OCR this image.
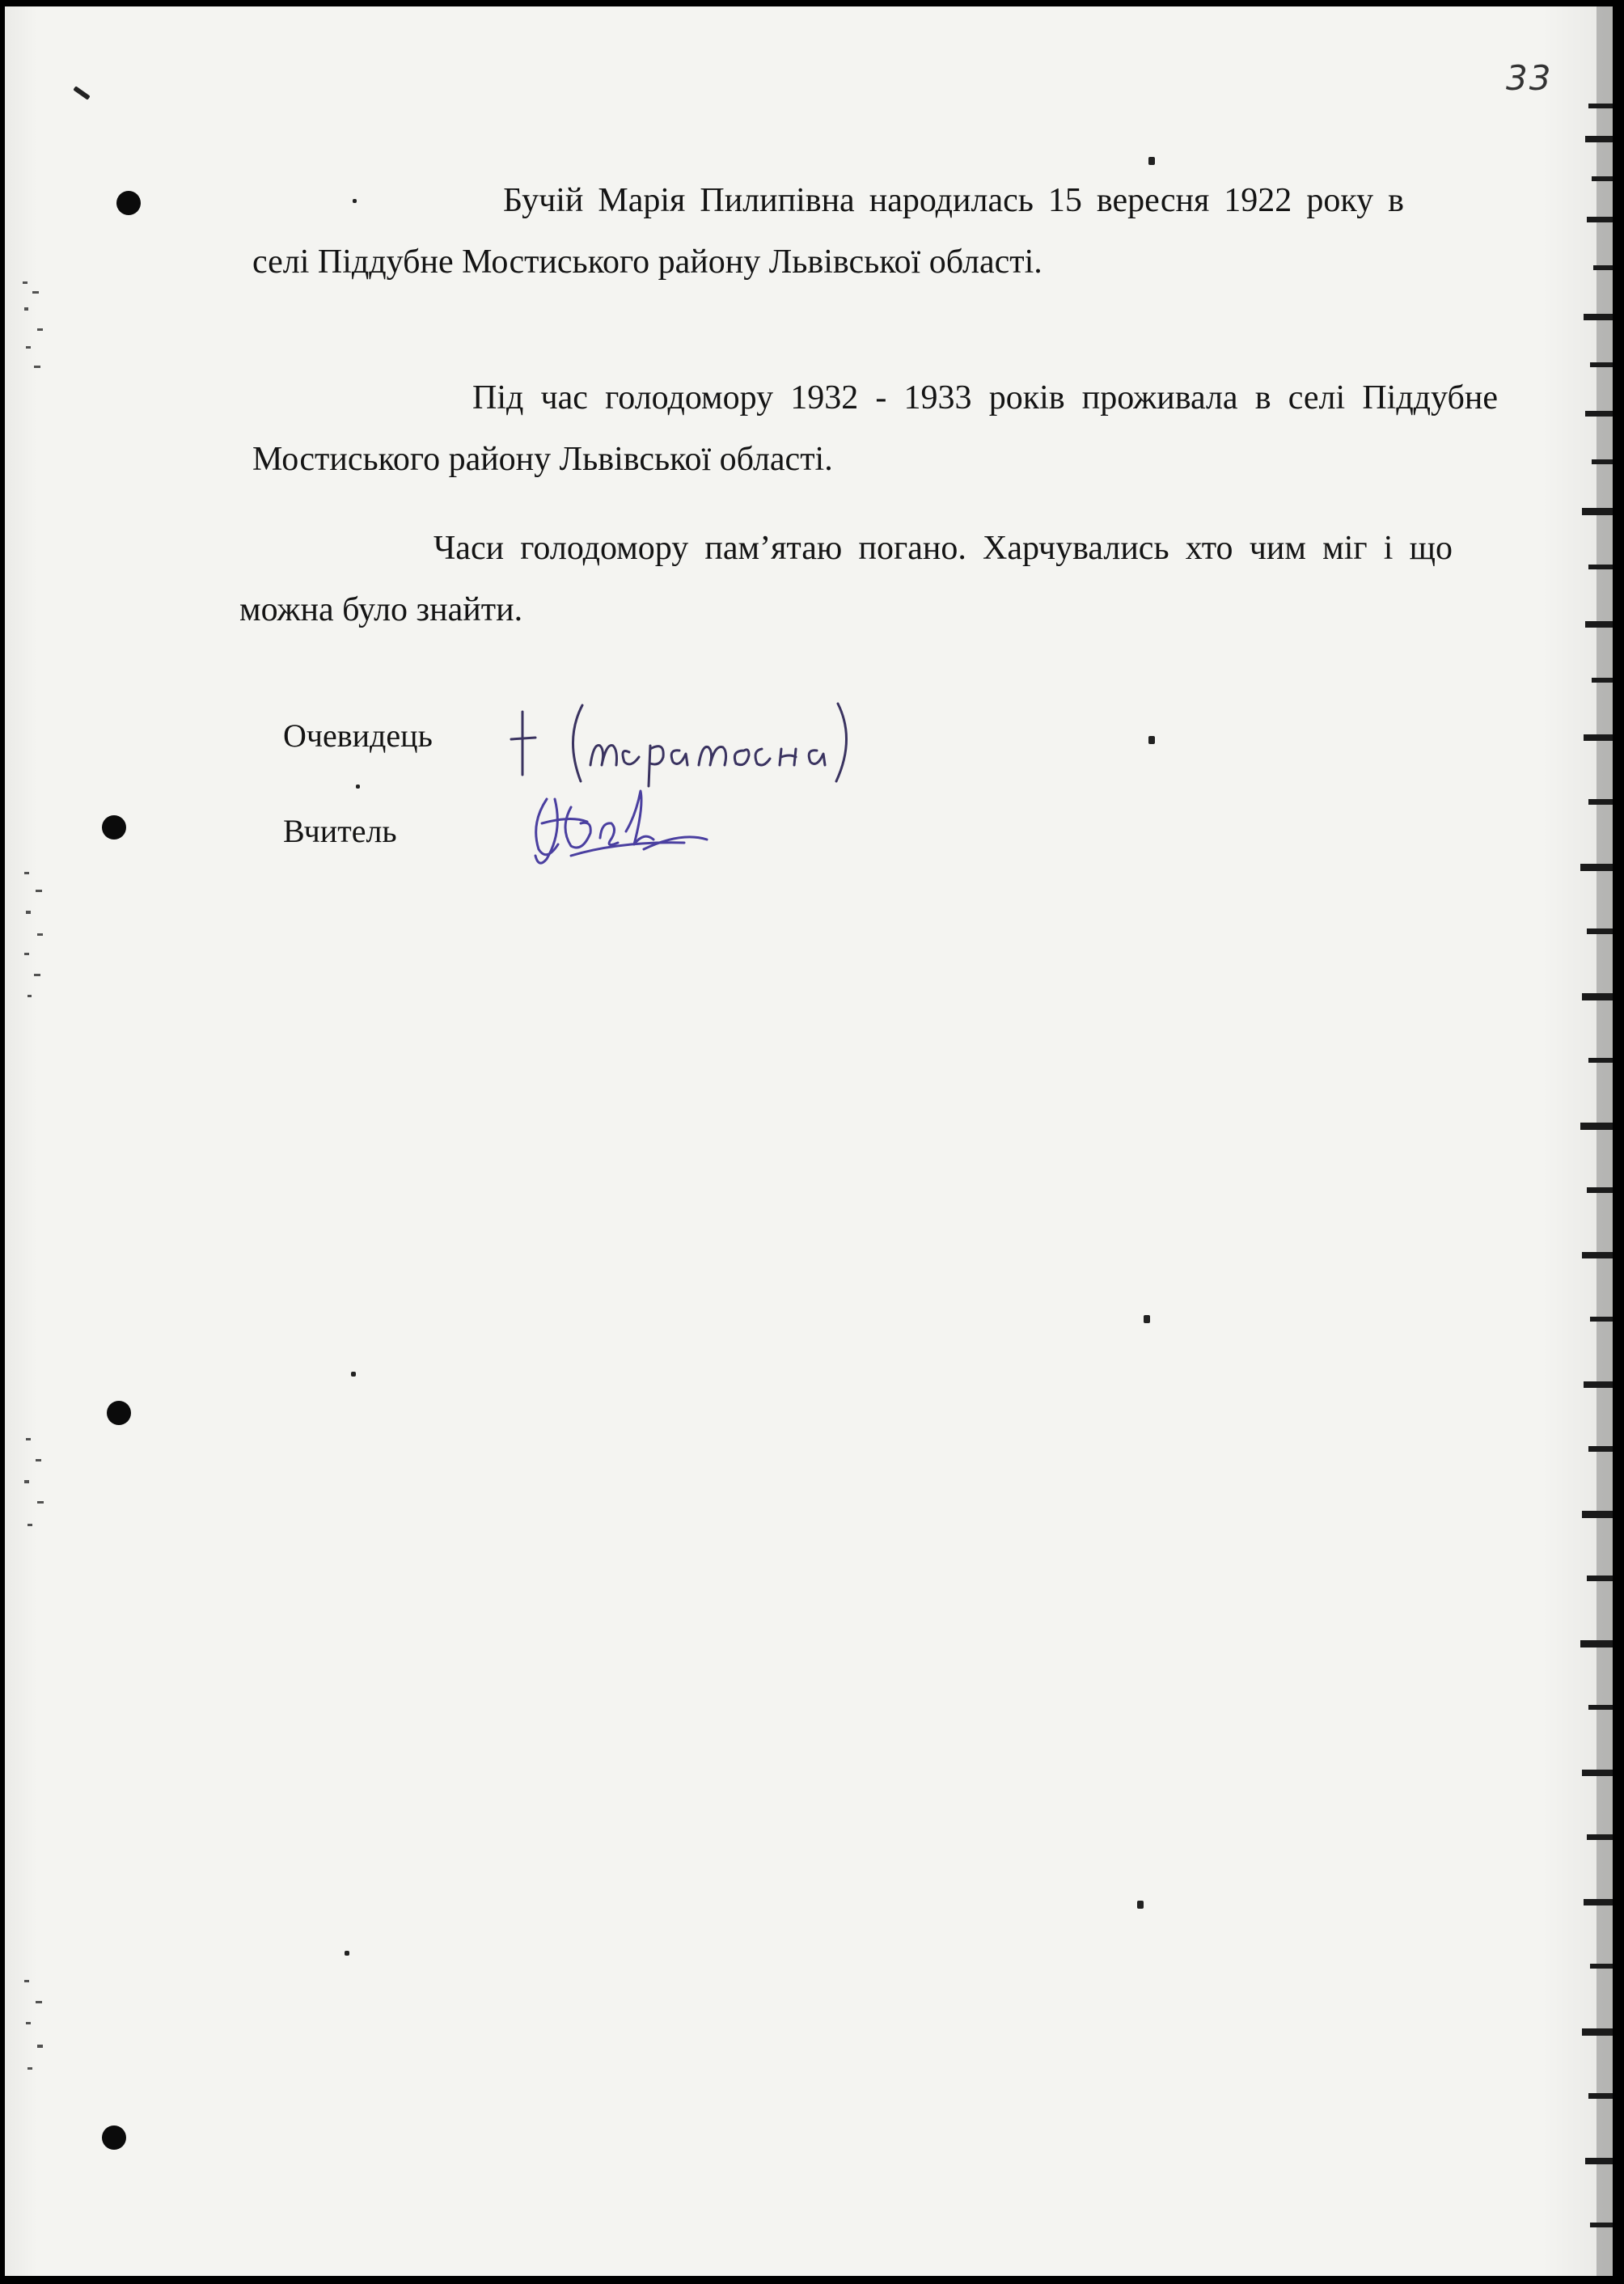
33

Бучій Марія Пилипівна народилась 15 вересня 1922 року в селі Піддубне Мостиського району Львівської області.

Під час голодомору 1932 - 1933 років проживала в селі Піддубне Мостиського району Львівської області.

Часи голодомору пам’ятаю погано. Харчувались хто чим міг і що можна було знайти.

Очевидець
Вчитель
